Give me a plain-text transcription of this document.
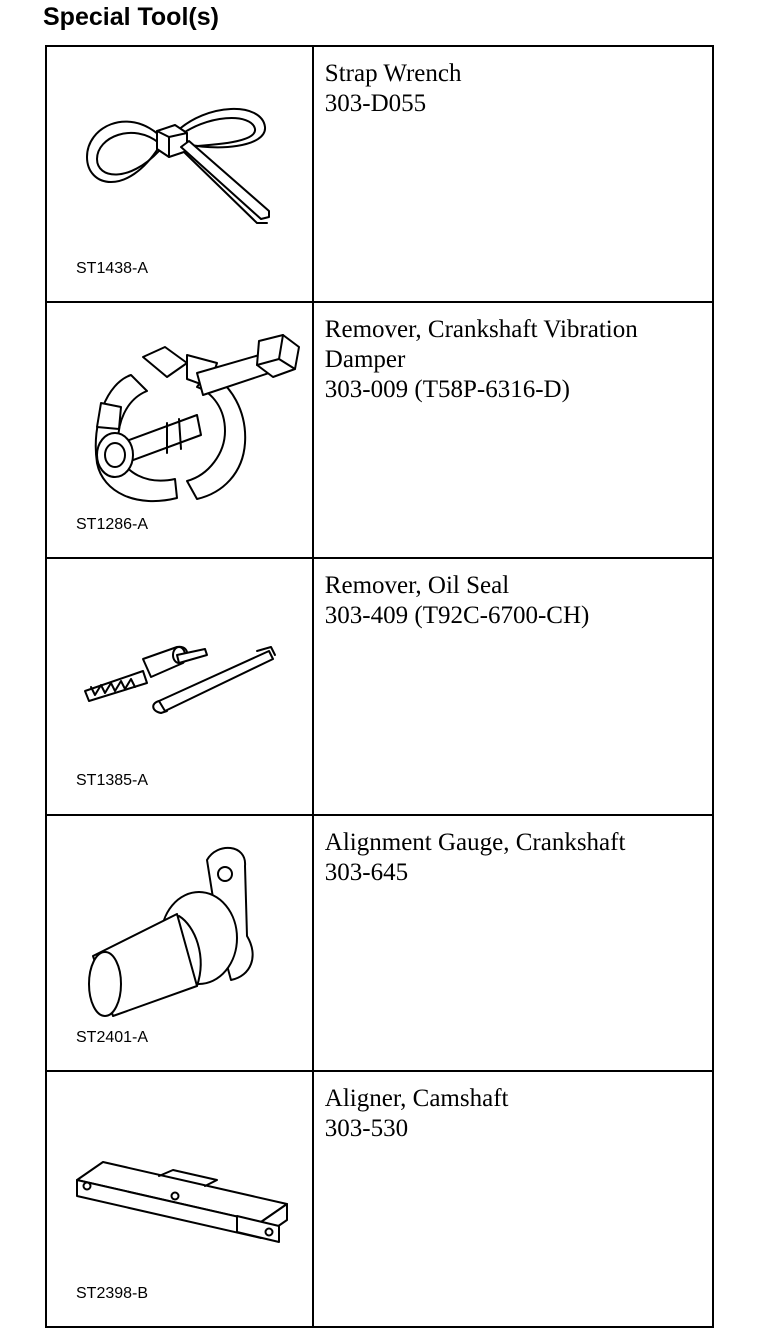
Special Tool(s)
ST1438-A	Strap Wrench
303-D055

ST1286-A	Remover, Crankshaft Vibration
Damper
303-009 (T58P-6316-D)

ST1385-A	Remover, Oil Seal
303-409 (T92C-6700-CH)

ST2401-A	Alignment Gauge, Crankshaft
303-645

ST2398-B	Aligner, Camshaft
303-530
